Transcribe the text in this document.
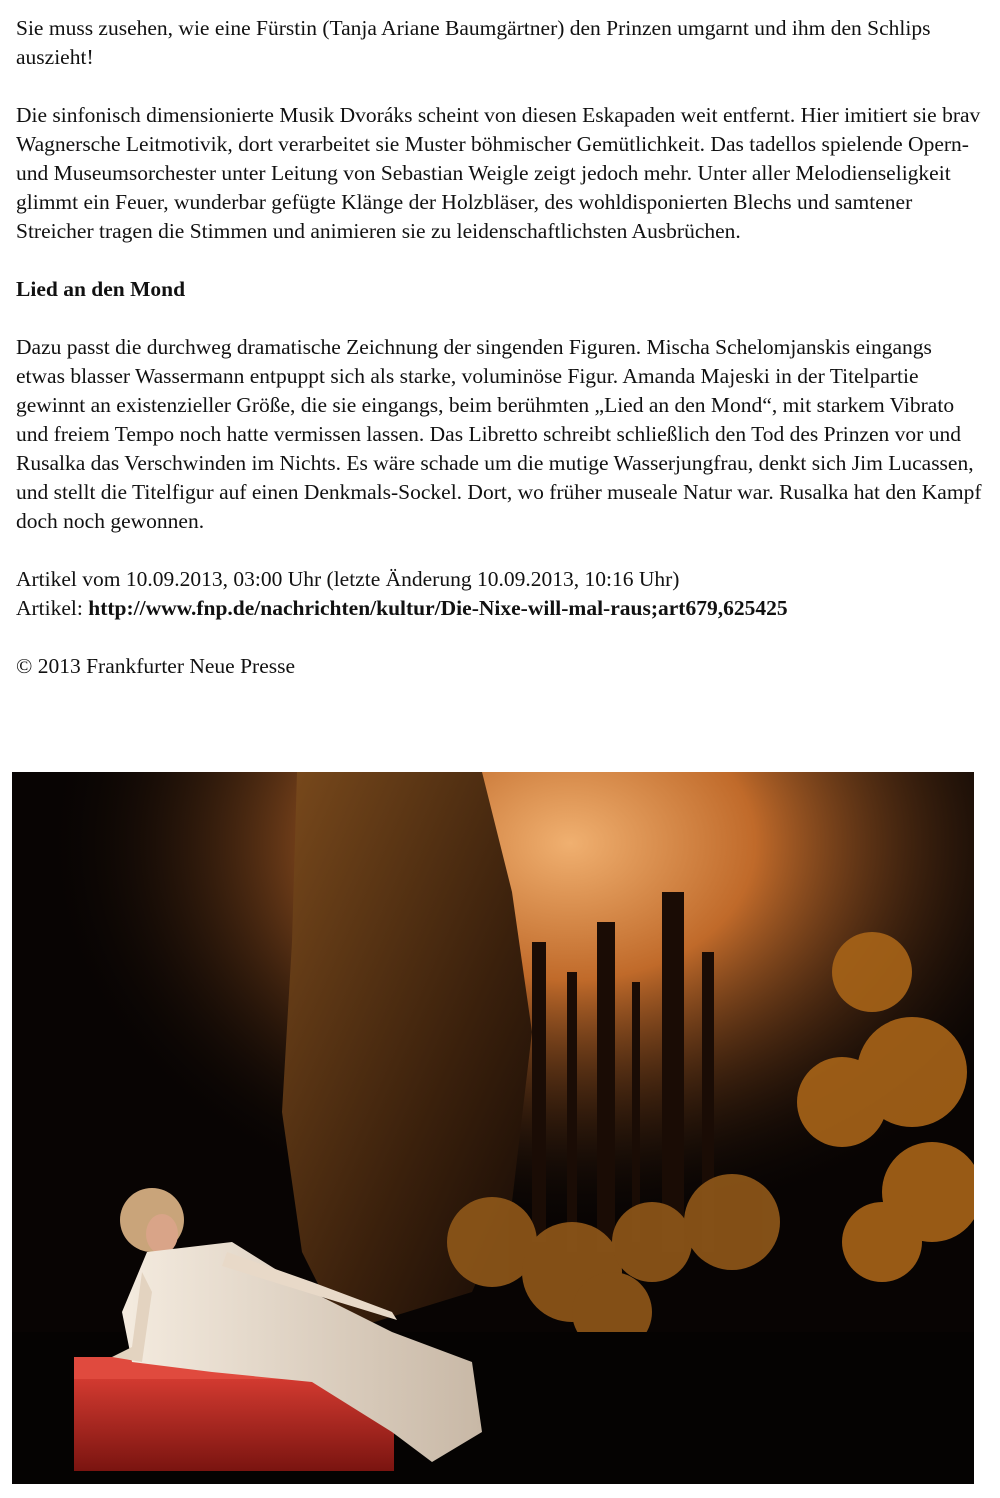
Sie muss zusehen, wie eine Fürstin (Tanja Ariane Baumgärtner) den Prinzen umgarnt und ihm den Schlips auszieht!

Die sinfonisch dimensionierte Musik Dvoráks scheint von diesen Eskapaden weit entfernt. Hier imitiert sie brav Wagnersche Leitmotivik, dort verarbeitet sie Muster böhmischer Gemütlichkeit. Das tadellos spielende Opern- und Museumsorchester unter Leitung von Sebastian Weigle zeigt jedoch mehr. Unter aller Melodienseligkeit glimmt ein Feuer, wunderbar gefügte Klänge der Holzbläser, des wohldisponierten Blechs und samtener Streicher tragen die Stimmen und animieren sie zu leidenschaftlichsten Ausbrüchen.

Lied an den Mond

Dazu passt die durchweg dramatische Zeichnung der singenden Figuren. Mischa Schelomjanskis eingangs etwas blasser Wassermann entpuppt sich als starke, voluminöse Figur. Amanda Majeski in der Titelpartie gewinnt an existenzieller Größe, die sie eingangs, beim berühmten „Lied an den Mond“, mit starkem Vibrato und freiem Tempo noch hatte vermissen lassen. Das Libretto schreibt schließlich den Tod des Prinzen vor und Rusalka das Verschwinden im Nichts. Es wäre schade um die mutige Wasserjungfrau, denkt sich Jim Lucassen, und stellt die Titelfigur auf einen Denkmals-Sockel. Dort, wo früher museale Natur war. Rusalka hat den Kampf doch noch gewonnen.

Artikel vom 10.09.2013, 03:00 Uhr (letzte Änderung 10.09.2013, 10:16 Uhr)
Artikel: http://www.fnp.de/nachrichten/kultur/Die-Nixe-will-mal-raus;art679,625425

© 2013 Frankfurter Neue Presse
